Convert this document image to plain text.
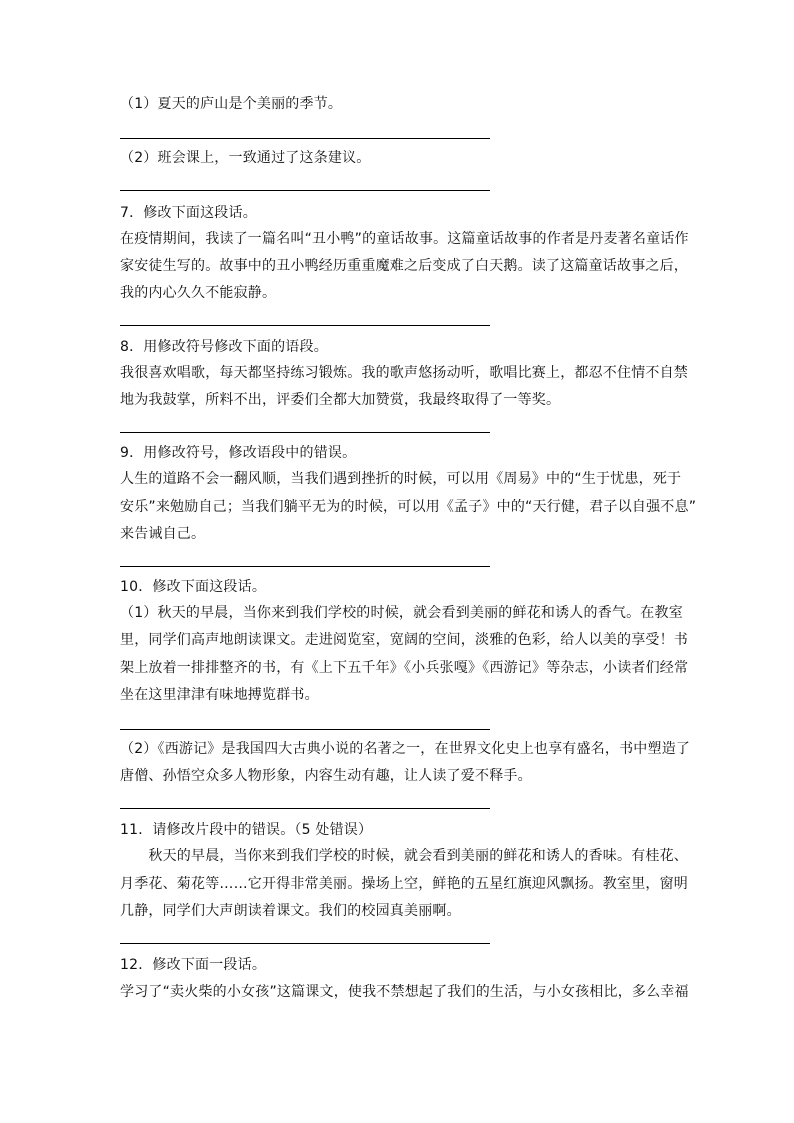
（1）夏天的庐山是个美丽的季节。
（2）班会课上，一致通过了这条建议。
7．修改下面这段话。
在疫情期间，我读了一篇名叫“丑小鸭”的童话故事。这篇童话故事的作者是丹麦著名童话作
家安徒生写的。故事中的丑小鸭经历重重魔难之后变成了白天鹅。读了这篇童话故事之后，
我的内心久久不能寂静。
8．用修改符号修改下面的语段。
我很喜欢唱歌，每天都坚持练习锻炼。我的歌声悠扬动听，歌唱比赛上，都忍不住情不自禁
地为我鼓掌，所料不出，评委们全都大加赞赏，我最终取得了一等奖。
9．用修改符号，修改语段中的错误。
人生的道路不会一翻风顺，当我们遇到挫折的时候，可以用《周易》中的“生于忧患，死于
安乐”来勉励自己；当我们躺平无为的时候，可以用《孟子》中的“天行健，君子以自强不息”
来告诫自己。
10．修改下面这段话。
（1）秋天的早晨，当你来到我们学校的时候，就会看到美丽的鲜花和诱人的香气。在教室
里，同学们高声地朗读课文。走进阅览室，宽阔的空间，淡雅的色彩，给人以美的享受！书
架上放着一排排整齐的书，有《上下五千年》《小兵张嘎》《西游记》等杂志，小读者们经常
坐在这里津津有味地搏览群书。
（2）《西游记》是我国四大古典小说的名著之一，在世界文化史上也享有盛名，书中塑造了
唐僧、孙悟空众多人物形象，内容生动有趣，让人读了爱不释手。
11．请修改片段中的错误。（5 处错误）
　　秋天的早晨，当你来到我们学校的时候，就会看到美丽的鲜花和诱人的香味。有桂花、
月季花、菊花等……它开得非常美丽。操场上空，鲜艳的五星红旗迎风飘扬。教室里，窗明
几静，同学们大声朗读着课文。我们的校园真美丽啊。
12．修改下面一段话。
学习了“卖火柴的小女孩”这篇课文，使我不禁想起了我们的生活，与小女孩相比，多么幸福
